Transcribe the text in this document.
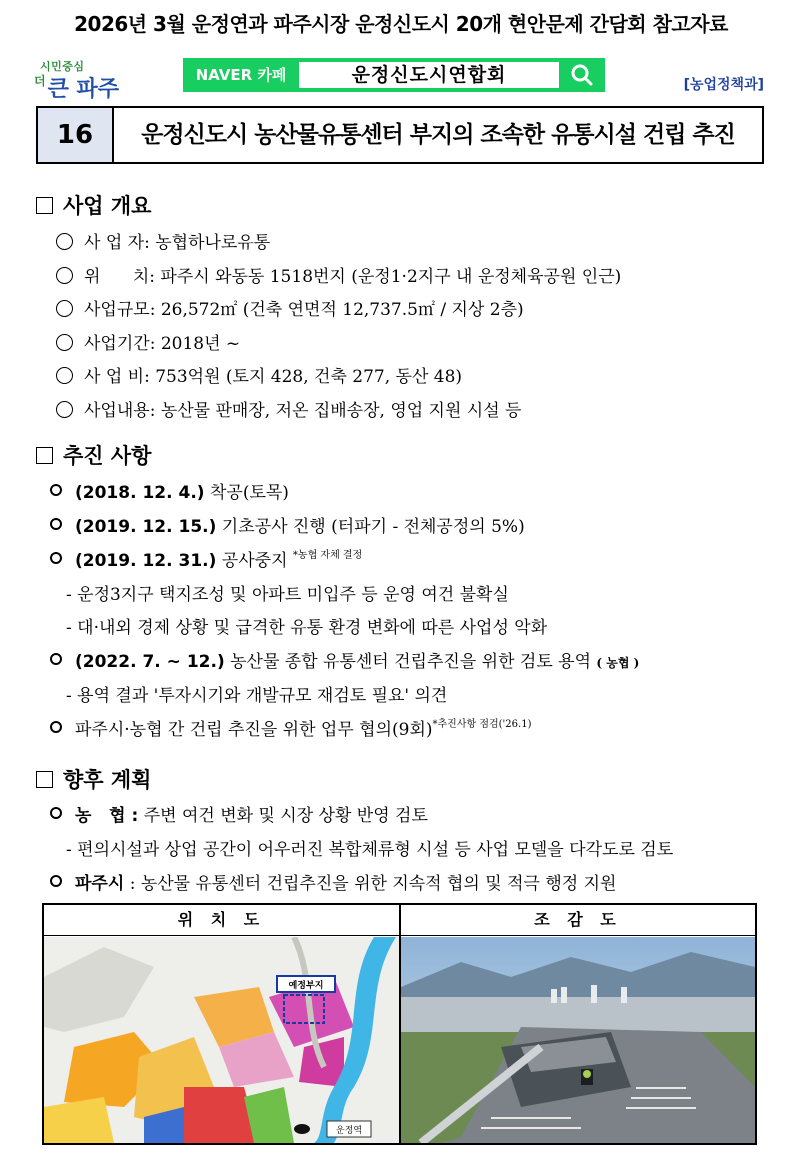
2026년 3월 운정연과 파주시장 운정신도시 20개 현안문제 간담회 참고자료
시민중심
$^더$큰 파주
NAVER 카페	운정신도시연합회	[농업정책과]
16	운정신도시 농산물유통센터 부지의 조속한 유통시설 건립 추진
사업 개요
사 업 자: 농협하나로유통
위      치: 파주시 와동동 1518번지 (운정1·2지구 내 운정체육공원 인근)
사업규모: 26,572㎡ (건축 연면적 12,737.5㎡ / 지상 2층)
사업기간: 2018년 ~
사 업 비: 753억원 (토지 428, 건축 277, 동산 48)
사업내용: 농산물 판매장, 저온 집배송장, 영업 지원 시설 등
추진 사항
(2018. 12. 4.) 착공(토목)
(2019. 12. 15.) 기초공사 진행 (터파기 - 전체공정의 5%)
(2019. 12. 31.) 공사중지 $^{*농협 자체 결정}$
- 운정3지구 택지조성 및 아파트 미입주 등 운영 여건 불확실
- 대·내외 경제 상황 및 급격한 유통 환경 변화에 따른 사업성 악화
(2022. 7. ~ 12.) 농산물 종합 유통센터 건립추진을 위한 검토 용역 ( 농협 )
- 용역 결과 '투자시기와 개발규모 재검토 필요' 의견
파주시·농협 간 건립 추진을 위한 업무 협의(9회)$^{*추진사항 점검('26.1)}$
향후 계획
농   협 : 주변 여건 변화 및 시장 상황 반영 검토
- 편의시설과 상업 공간이 어우러진 복합체류형 시설 등 사업 모델을 다각도로 검토
파주시 : 농산물 유통센터 건립추진을 위한 지속적 협의 및 적극 행정 지원
위 치 도	조 감 도
예정부지
운정역
